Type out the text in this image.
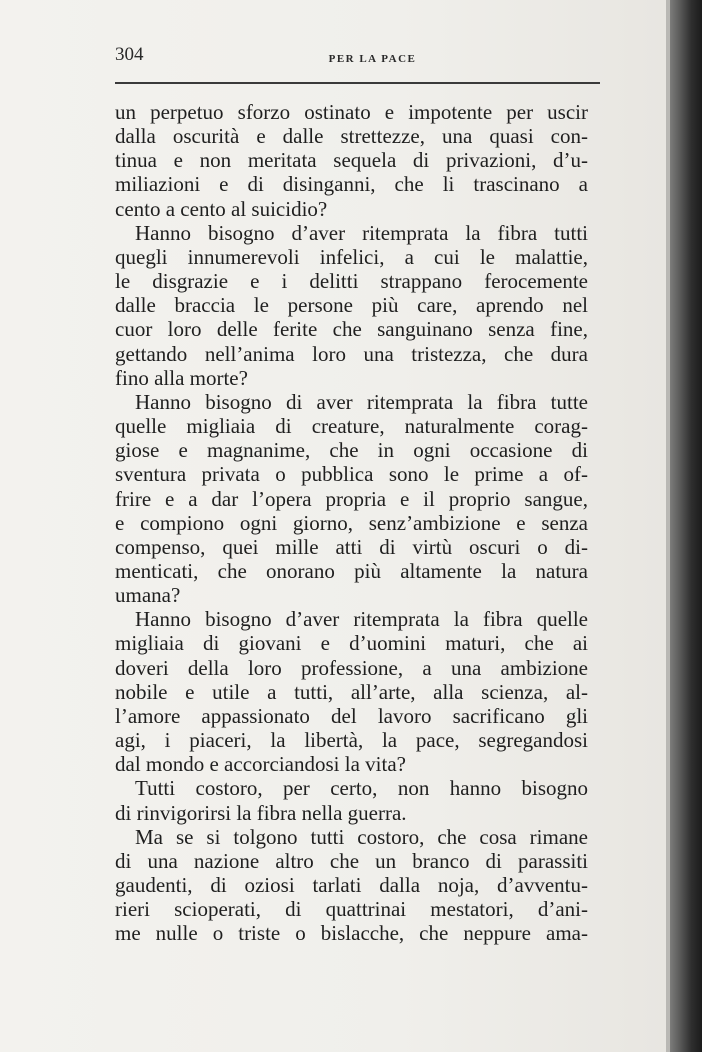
304	PER LA PACE

un perpetuo sforzo ostinato e impotente per uscir
dalla oscurità e dalle strettezze, una quasi con-
tinua e non meritata sequela di privazioni, d’u-
miliazioni e di disinganni, che li trascinano a
cento a cento al suicidio?

Hanno bisogno d’aver ritemprata la fibra tutti
quegli innumerevoli infelici, a cui le malattie,
le disgrazie e i delitti strappano ferocemente
dalle braccia le persone più care, aprendo nel
cuor loro delle ferite che sanguinano senza fine,
gettando nell’anima loro una tristezza, che dura
fino alla morte?

Hanno bisogno di aver ritemprata la fibra tutte
quelle migliaia di creature, naturalmente corag-
giose e magnanime, che in ogni occasione di
sventura privata o pubblica sono le prime a of-
frire e a dar l’opera propria e il proprio sangue,
e compiono ogni giorno, senz’ambizione e senza
compenso, quei mille atti di virtù oscuri o di-
menticati, che onorano più altamente la natura
umana?

Hanno bisogno d’aver ritemprata la fibra quelle
migliaia di giovani e d’uomini maturi, che ai
doveri della loro professione, a una ambizione
nobile e utile a tutti, all’arte, alla scienza, al-
l’amore appassionato del lavoro sacrificano gli
agi, i piaceri, la libertà, la pace, segregandosi
dal mondo e accorciandosi la vita?

Tutti costoro, per certo, non hanno bisogno
di rinvigorirsi la fibra nella guerra.

Ma se si tolgono tutti costoro, che cosa rimane
di una nazione altro che un branco di parassiti
gaudenti, di oziosi tarlati dalla noja, d’avventu-
rieri scioperati, di quattrinai mestatori, d’ani-
me nulle o triste o bislacche, che neppure ama-
